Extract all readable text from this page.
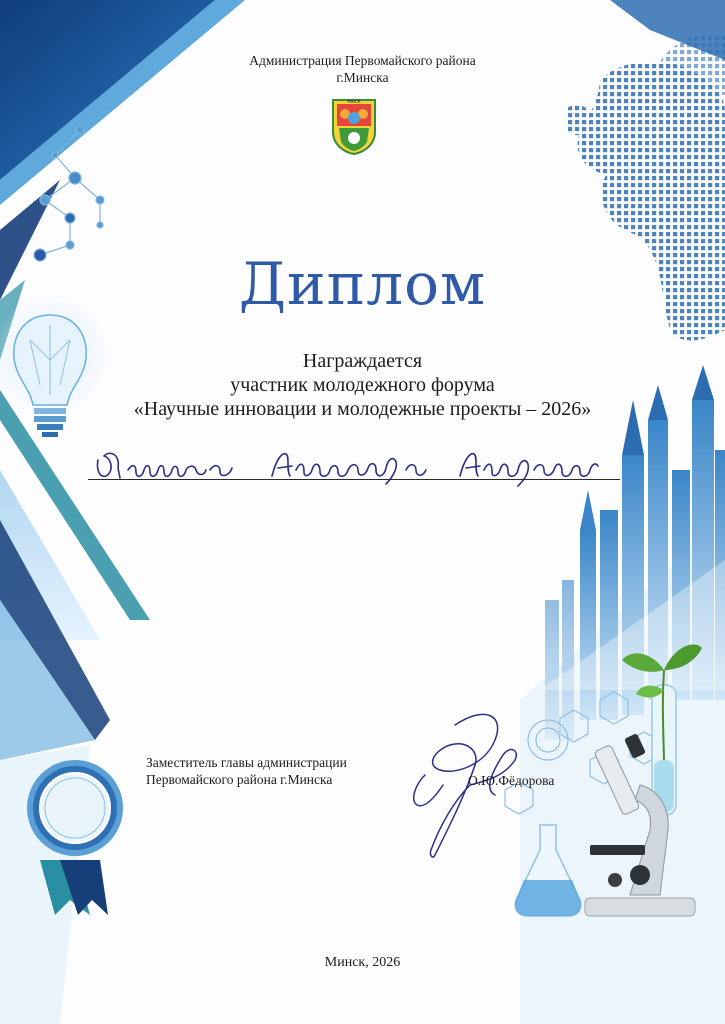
Администрация Первомайского района
г.Минска
МІНСК
Диплом
Награждается
участник молодежного форума
«Научные инновации и молодежные проекты – 2026»
Заместитель главы администрации
Первомайского района г.Минска	О.Ю.Фёдорова
Минск, 2026
